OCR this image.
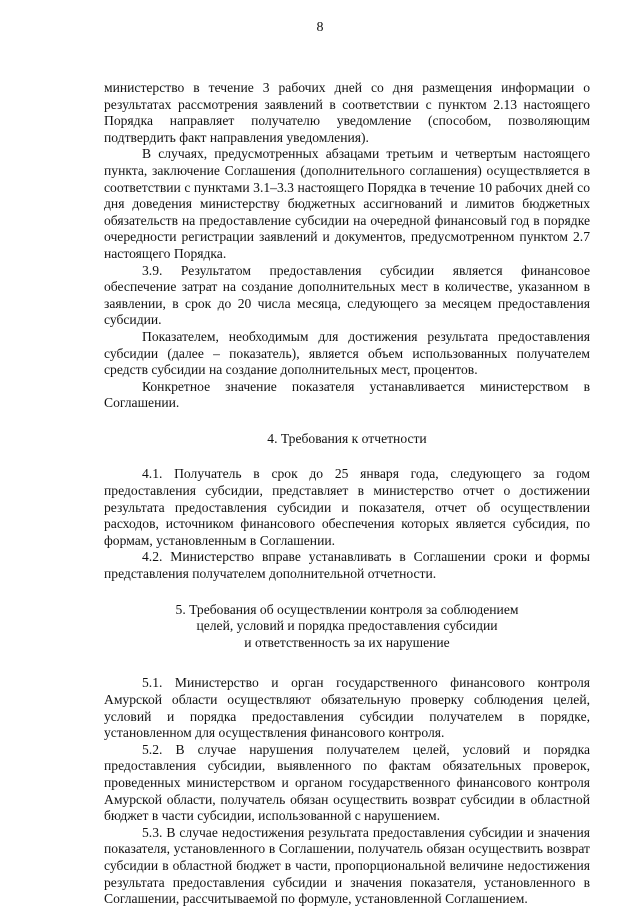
8

министерство в течение 3 рабочих дней со дня размещения информации о результатах рассмотрения заявлений в соответствии с пунктом 2.13 настоящего Порядка направляет получателю уведомление (способом, позволяющим подтвердить факт направления уведомления).

В случаях, предусмотренных абзацами третьим и четвертым настоящего пункта, заключение Соглашения (дополнительного соглашения) осуществляется в соответствии с пунктами 3.1–3.3 настоящего Порядка в течение 10 рабочих дней со дня доведения министерству бюджетных ассигнований и лимитов бюджетных обязательств на предоставление субсидии на очередной финансовый год в порядке очередности регистрации заявлений и документов, предусмотренном пунктом 2.7 настоящего Порядка.

3.9. Результатом предоставления субсидии является финансовое обеспечение затрат на создание дополнительных мест в количестве, указанном в заявлении, в срок до 20 числа месяца, следующего за месяцем предоставления субсидии.

Показателем, необходимым для достижения результата предоставления субсидии (далее – показатель), является объем использованных получателем средств субсидии на создание дополнительных мест, процентов.

Конкретное значение показателя устанавливается министерством в Соглашении.

4. Требования к отчетности

4.1. Получатель в срок до 25 января года, следующего за годом предоставления субсидии, представляет в министерство отчет о достижении результата предоставления субсидии и показателя, отчет об осуществлении расходов, источником финансового обеспечения которых является субсидия, по формам, установленным в Соглашении.

4.2. Министерство вправе устанавливать в Соглашении сроки и формы представления получателем дополнительной отчетности.

5. Требования об осуществлении контроля за соблюдением

целей, условий и порядка предоставления субсидии

и ответственность за их нарушение

5.1. Министерство и орган государственного финансового контроля Амурской области осуществляют обязательную проверку соблюдения целей, условий и порядка предоставления субсидии получателем в порядке, установленном для осуществления финансового контроля.

5.2. В случае нарушения получателем целей, условий и порядка предоставления субсидии, выявленного по фактам обязательных проверок, проведенных министерством и органом государственного финансового контроля Амурской области, получатель обязан осуществить возврат субсидии в областной бюджет в части субсидии, использованной с нарушением.

5.3. В случае недостижения результата предоставления субсидии и значения показателя, установленного в Соглашении, получатель обязан осуществить возврат субсидии в областной бюджет в части, пропорциональной величине недостижения результата предоставления субсидии и значения показателя, установленного в Соглашении, рассчитываемой по формуле, установленной Соглашением.
